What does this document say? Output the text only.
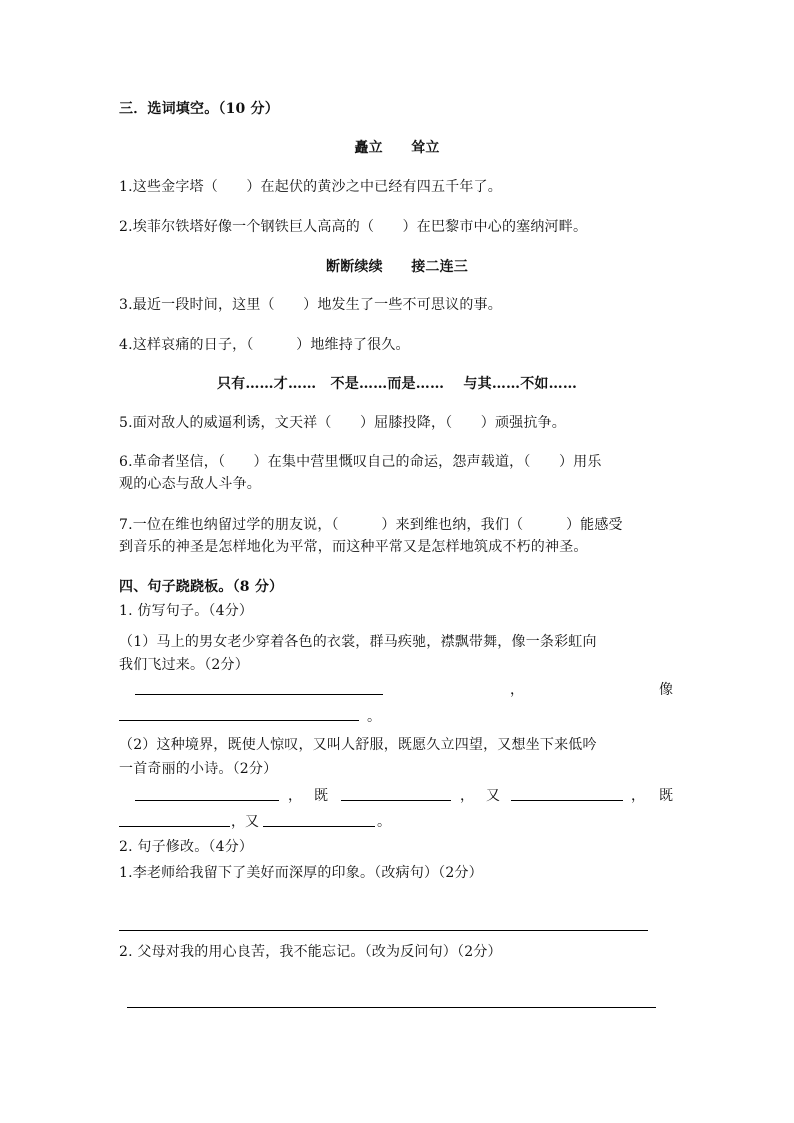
三．选词填空。（10 分）
矗立　　耸立
1.这些金字塔（　　）在起伏的黄沙之中已经有四五千年了。
2.埃菲尔铁塔好像一个钢铁巨人高高的（　　）在巴黎市中心的塞纳河畔。
断断续续　　接二连三
3.最近一段时间，这里（　　）地发生了一些不可思议的事。
4.这样哀痛的日子，（　　　）地维持了很久。
只有……才……　不是……而是……　 与其……不如……
5.面对敌人的威逼利诱，文天祥（　　）屈膝投降，（　　）顽强抗争。
6.革命者坚信，（　　）在集中营里慨叹自己的命运，怨声载道，（　　）用乐
观的心态与敌人斗争。
7.一位在维也纳留过学的朋友说，（　　　）来到维也纳，我们（　　　）能感受
到音乐的神圣是怎样地化为平常，而这种平常又是怎样地筑成不朽的神圣。
四、句子跷跷板。（8 分）
1. 仿写句子。（4分）
（1）马上的男女老少穿着各色的衣裳，群马疾驰，襟飘带舞，像一条彩虹向
我们飞过来。（2分）
，	像
。
（2）这种境界，既使人惊叹，又叫人舒服，既愿久立四望，又想坐下来低吟
一首奇丽的小诗。（2分）
， 既	， 又	， 既
，又	。
2. 句子修改。（4分）
1.李老师给我留下了美好而深厚的印象。（改病句）（2分）
2. 父母对我的用心良苦，我不能忘记。（改为反问句）（2分）
